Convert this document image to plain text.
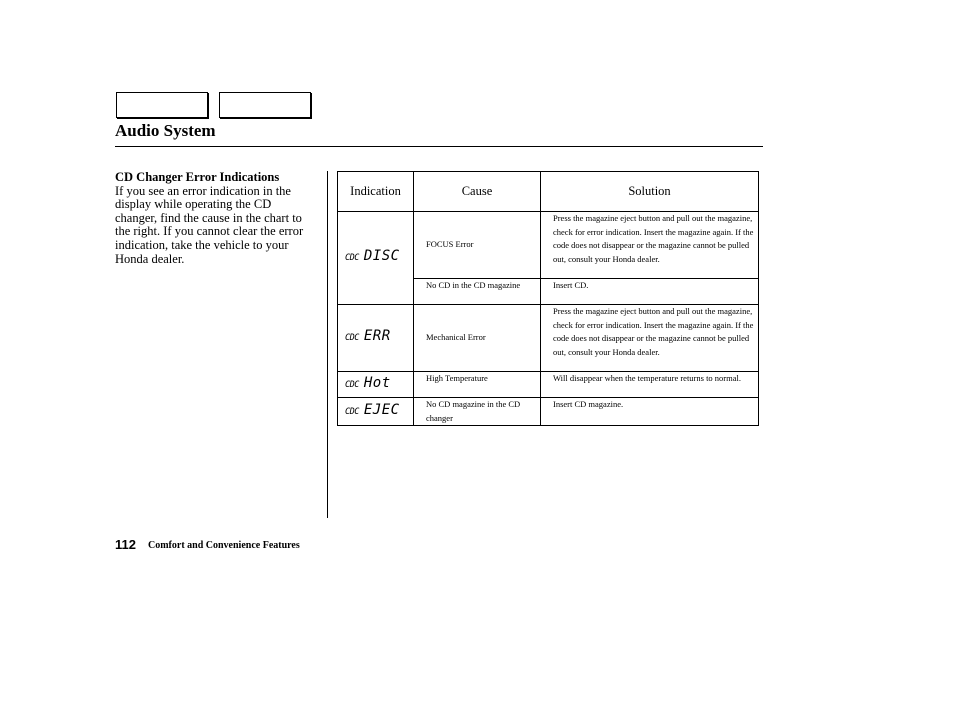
Audio System
CD Changer Error Indications
If you see an error indication in the display while operating the CD changer, find the cause in the chart to the right. If you cannot clear the error indication, take the vehicle to your Honda dealer.
Indication	Cause	Solution

CDC DISC	FOCUS Error	Press the magazine eject button and pull out the magazine, check for error indication. Insert the magazine again. If the code does not disappear or the magazine cannot be pulled out, consult your Honda dealer.
	No CD in the CD magazine	Insert CD.

CDC ERR	Mechanical Error	Press the magazine eject button and pull out the magazine, check for error indication. Insert the magazine again. If the code does not disappear or the magazine cannot be pulled out, consult your Honda dealer.

CDC Hot	High Temperature	Will disappear when the temperature returns to normal.

CDC EJEC	No CD magazine in the CD changer	Insert CD magazine.
112 Comfort and Convenience Features
